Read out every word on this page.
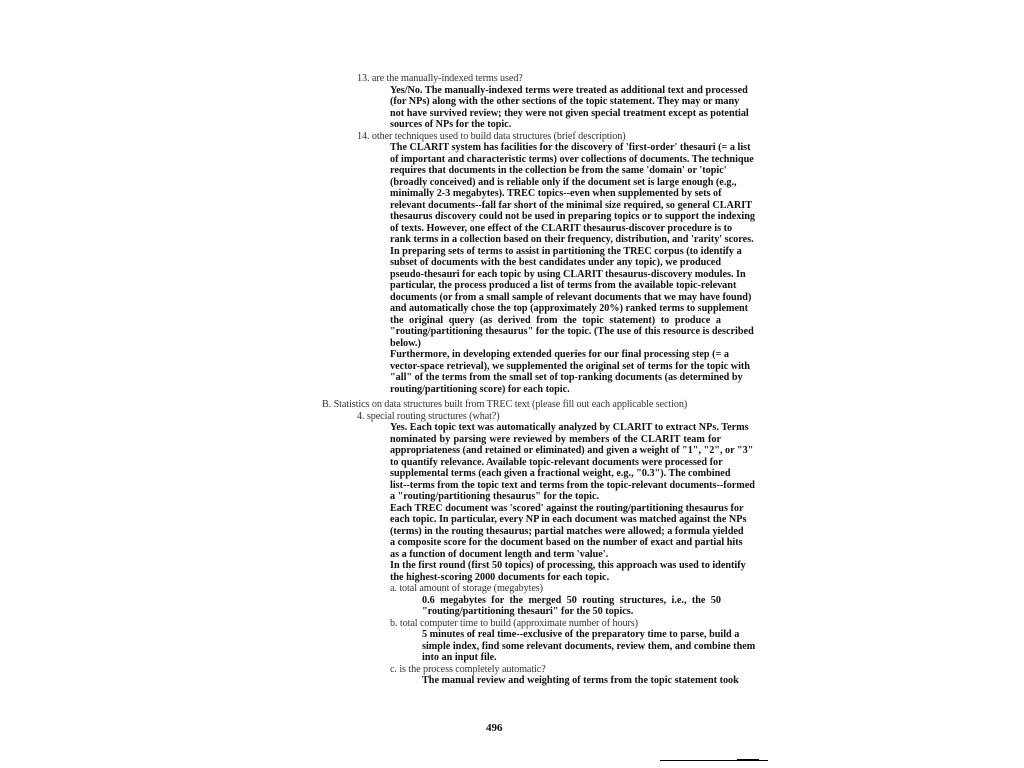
13. are the manually-indexed terms used?
Yes/No. The manually-indexed terms were treated as additional text and processed
(for NPs) along with the other sections of the topic statement. They may or many
not have survived review; they were not given special treatment except as potential
sources of NPs for the topic.
14. other techniques used to build data structures (brief description)
The CLARIT system has facilities for the discovery of 'first-order' thesauri (= a list
of important and characteristic terms) over collections of documents. The technique
requires that documents in the collection be from the same 'domain' or 'topic'
(broadly conceived) and is reliable only if the document set is large enough (e.g.,
minimally 2-3 megabytes). TREC topics--even when supplemented by sets of
relevant documents--fall far short of the minimal size required, so general CLARIT
thesaurus discovery could not be used in preparing topics or to support the indexing
of texts. However, one effect of the CLARIT thesaurus-discover procedure is to
rank terms in a collection based on their frequency, distribution, and 'rarity' scores.
In preparing sets of terms to assist in partitioning the TREC corpus (to identify a
subset of documents with the best candidates under any topic), we produced
pseudo-thesauri for each topic by using CLARIT thesaurus-discovery modules. In
particular, the process produced a list of terms from the available topic-relevant
documents (or from a small sample of relevant documents that we may have found)
and automatically chose the top (approximately 20%) ranked terms to supplement
the original query (as derived from the topic statement) to produce a
"routing/partitioning thesaurus" for the topic. (The use of this resource is described
below.)
Furthermore, in developing extended queries for our final processing step (= a
vector-space retrieval), we supplemented the original set of terms for the topic with
"all" of the terms from the small set of top-ranking documents (as determined by
routing/partitioning score) for each topic.
B. Statistics on data structures built from TREC text (please fill out each applicable section)
4. special routing structures (what?)
Yes. Each topic text was automatically analyzed by CLARIT to extract NPs. Terms
nominated by parsing were reviewed by members of the CLARIT team for
appropriateness (and retained or eliminated) and given a weight of "1", "2", or "3"
to quantify relevance. Available topic-relevant documents were processed for
supplemental terms (each given a fractional weight, e.g., "0.3"). The combined
list--terms from the topic text and terms from the topic-relevant documents--formed
a "routing/partitioning thesaurus" for the topic.
Each TREC document was 'scored' against the routing/partitioning thesaurus for
each topic. In particular, every NP in each document was matched against the NPs
(terms) in the routing thesaurus; partial matches were allowed; a formula yielded
a composite score for the document based on the number of exact and partial hits
as a function of document length and term 'value'.
In the first round (first 50 topics) of processing, this approach was used to identify
the highest-scoring 2000 documents for each topic.
a. total amount of storage (megabytes)
0.6 megabytes for the merged 50 routing structures, i.e., the 50
"routing/partitioning thesauri" for the 50 topics.
b. total computer time to build (approximate number of hours)
5 minutes of real time--exclusive of the preparatory time to parse, build a
simple index, find some relevant documents, review them, and combine them
into an input file.
c. is the process completely automatic?
The manual review and weighting of terms from the topic statement took
496
